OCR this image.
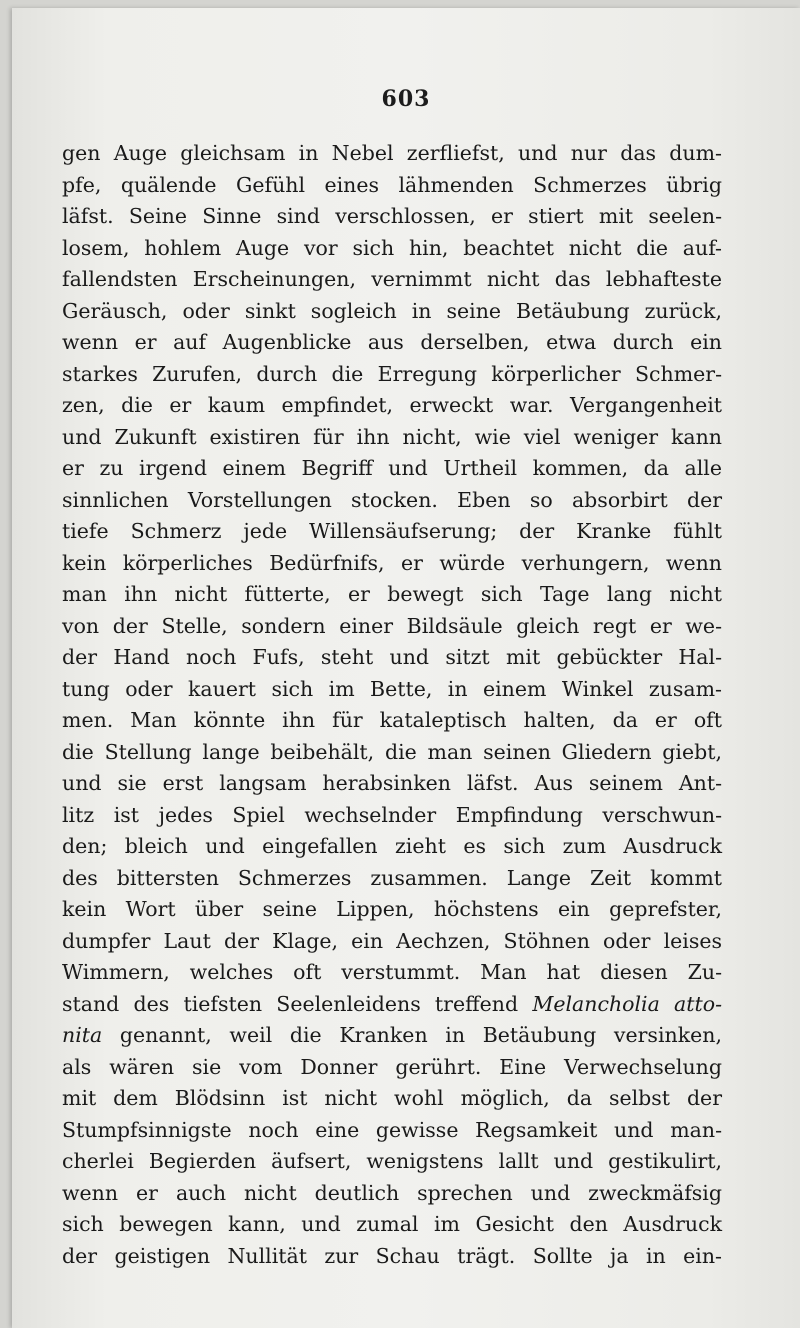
603
gen Auge gleichsam in Nebel zerfliefst, und nur das dum-
pfe, quälende Gefühl eines lähmenden Schmerzes übrig
läfst. Seine Sinne sind verschlossen, er stiert mit seelen-
losem, hohlem Auge vor sich hin, beachtet nicht die auf-
fallendsten Erscheinungen, vernimmt nicht das lebhafteste
Geräusch, oder sinkt sogleich in seine Betäubung zurück,
wenn er auf Augenblicke aus derselben, etwa durch ein
starkes Zurufen, durch die Erregung körperlicher Schmer-
zen, die er kaum empfindet, erweckt war. Vergangenheit
und Zukunft existiren für ihn nicht, wie viel weniger kann
er zu irgend einem Begriff und Urtheil kommen, da alle
sinnlichen Vorstellungen stocken. Eben so absorbirt der
tiefe Schmerz jede Willensäufserung; der Kranke fühlt
kein körperliches Bedürfnifs, er würde verhungern, wenn
man ihn nicht fütterte, er bewegt sich Tage lang nicht
von der Stelle, sondern einer Bildsäule gleich regt er we-
der Hand noch Fufs, steht und sitzt mit gebückter Hal-
tung oder kauert sich im Bette, in einem Winkel zusam-
men. Man könnte ihn für kataleptisch halten, da er oft
die Stellung lange beibehält, die man seinen Gliedern giebt,
und sie erst langsam herabsinken läfst. Aus seinem Ant-
litz ist jedes Spiel wechselnder Empfindung verschwun-
den; bleich und eingefallen zieht es sich zum Ausdruck
des bittersten Schmerzes zusammen. Lange Zeit kommt
kein Wort über seine Lippen, höchstens ein geprefster,
dumpfer Laut der Klage, ein Aechzen, Stöhnen oder leises
Wimmern, welches oft verstummt. Man hat diesen Zu-
stand des tiefsten Seelenleidens treffend Melancholia atto-
nita genannt, weil die Kranken in Betäubung versinken,
als wären sie vom Donner gerührt. Eine Verwechselung
mit dem Blödsinn ist nicht wohl möglich, da selbst der
Stumpfsinnigste noch eine gewisse Regsamkeit und man-
cherlei Begierden äufsert, wenigstens lallt und gestikulirt,
wenn er auch nicht deutlich sprechen und zweckmäfsig
sich bewegen kann, und zumal im Gesicht den Ausdruck
der geistigen Nullität zur Schau trägt. Sollte ja in ein-
